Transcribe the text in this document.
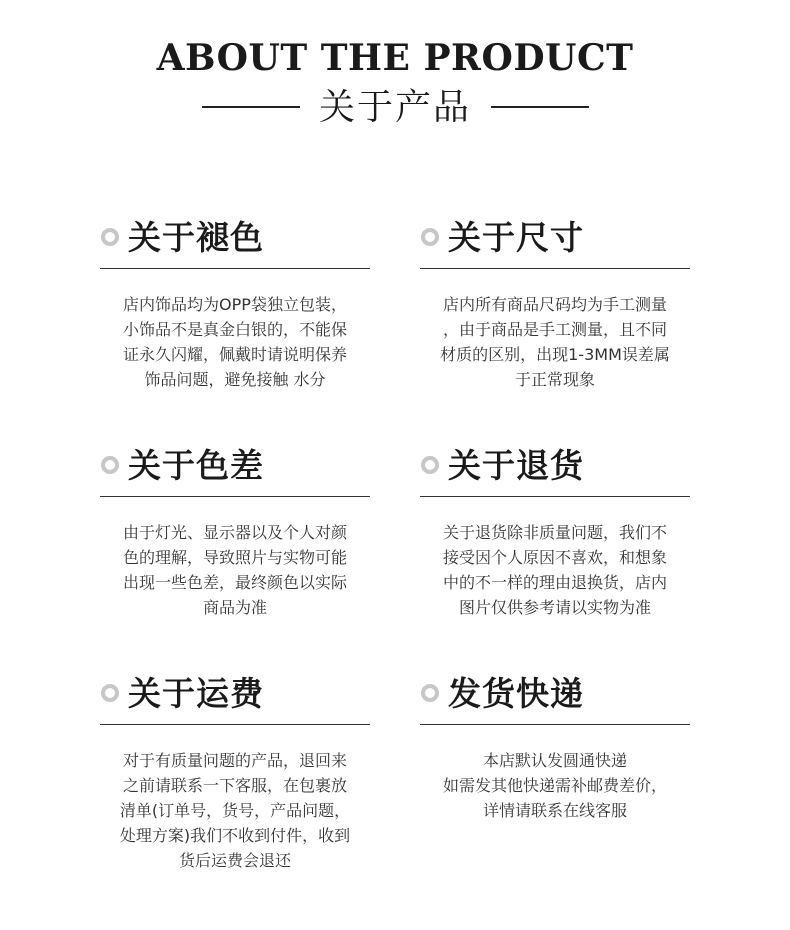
ABOUT THE PRODUCT
关于产品
关于褪色
店内饰品均为OPP袋独立包装，
小饰品不是真金白银的，不能保
证永久闪耀，佩戴时请说明保养
饰品问题，避免接触 水分
关于尺寸
店内所有商品尺码均为手工测量
，由于商品是手工测量，且不同
材质的区别，出现1-3MM误差属
于正常现象
关于色差
由于灯光、显示器以及个人对颜
色的理解，导致照片与实物可能
出现一些色差，最终颜色以实际
商品为准
关于退货
关于退货除非质量问题，我们不
接受因个人原因不喜欢，和想象
中的不一样的理由退换货，店内
图片仅供参考请以实物为准
关于运费
对于有质量问题的产品，退回来
之前请联系一下客服，在包裹放
清单(订单号，货号，产品问题，
处理方案)我们不收到付件，收到
货后运费会退还
发货快递
本店默认发圆通快递
如需发其他快递需补邮费差价，
详情请联系在线客服
